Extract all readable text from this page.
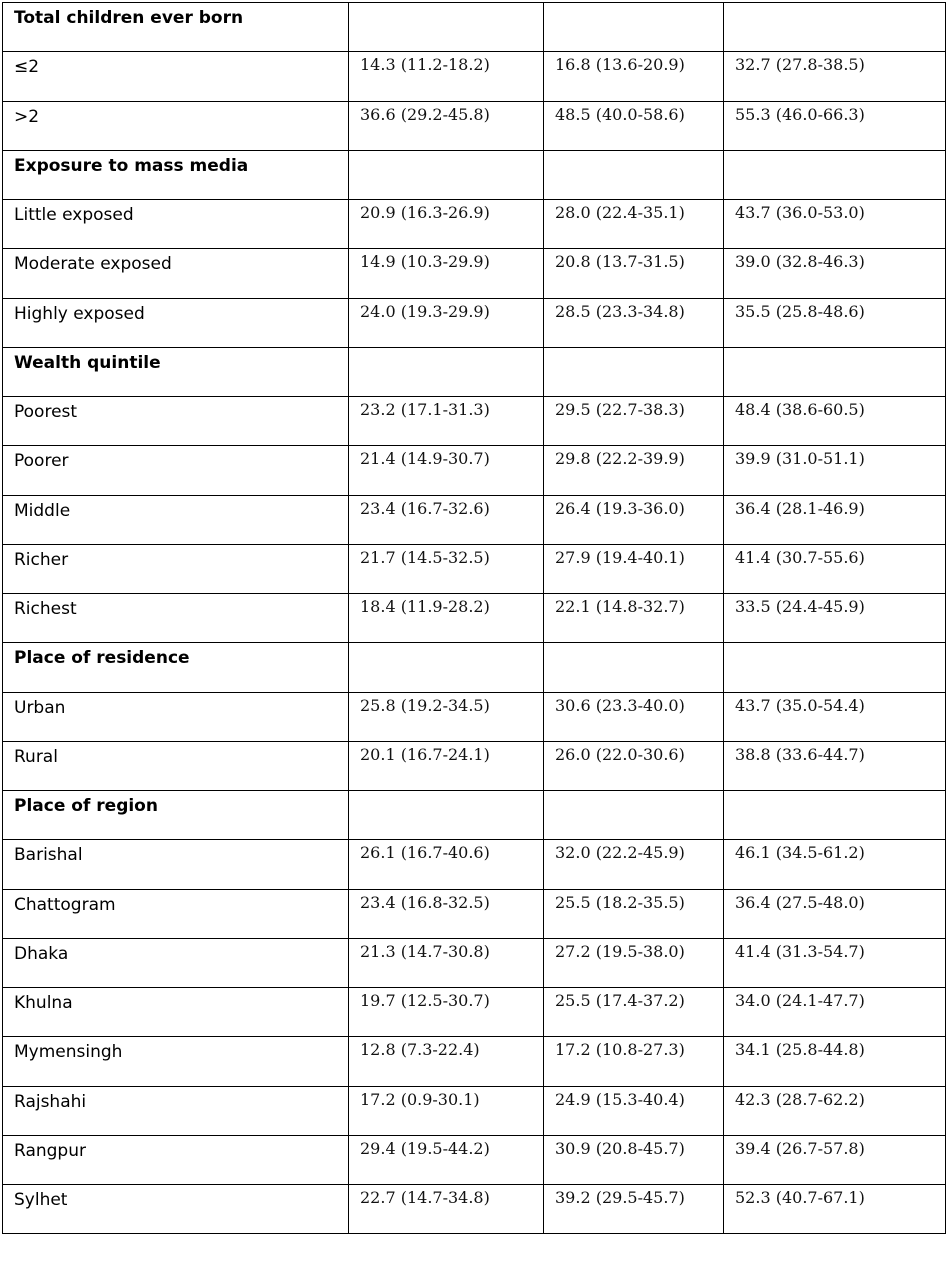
Total children ever born			
≤2	14.3 (11.2-18.2)	16.8 (13.6-20.9)	32.7 (27.8-38.5)
>2	36.6 (29.2-45.8)	48.5 (40.0-58.6)	55.3 (46.0-66.3)
Exposure to mass media			
Little exposed	20.9 (16.3-26.9)	28.0 (22.4-35.1)	43.7 (36.0-53.0)
Moderate exposed	14.9 (10.3-29.9)	20.8 (13.7-31.5)	39.0 (32.8-46.3)
Highly exposed	24.0 (19.3-29.9)	28.5 (23.3-34.8)	35.5 (25.8-48.6)
Wealth quintile			
Poorest	23.2 (17.1-31.3)	29.5 (22.7-38.3)	48.4 (38.6-60.5)
Poorer	21.4 (14.9-30.7)	29.8 (22.2-39.9)	39.9 (31.0-51.1)
Middle	23.4 (16.7-32.6)	26.4 (19.3-36.0)	36.4 (28.1-46.9)
Richer	21.7 (14.5-32.5)	27.9 (19.4-40.1)	41.4 (30.7-55.6)
Richest	18.4 (11.9-28.2)	22.1 (14.8-32.7)	33.5 (24.4-45.9)
Place of residence			
Urban	25.8 (19.2-34.5)	30.6 (23.3-40.0)	43.7 (35.0-54.4)
Rural	20.1 (16.7-24.1)	26.0 (22.0-30.6)	38.8 (33.6-44.7)
Place of region			
Barishal	26.1 (16.7-40.6)	32.0 (22.2-45.9)	46.1 (34.5-61.2)
Chattogram	23.4 (16.8-32.5)	25.5 (18.2-35.5)	36.4 (27.5-48.0)
Dhaka	21.3 (14.7-30.8)	27.2 (19.5-38.0)	41.4 (31.3-54.7)
Khulna	19.7 (12.5-30.7)	25.5 (17.4-37.2)	34.0 (24.1-47.7)
Mymensingh	12.8 (7.3-22.4)	17.2 (10.8-27.3)	34.1 (25.8-44.8)
Rajshahi	17.2 (0.9-30.1)	24.9 (15.3-40.4)	42.3 (28.7-62.2)
Rangpur	29.4 (19.5-44.2)	30.9 (20.8-45.7)	39.4 (26.7-57.8)
Sylhet	22.7 (14.7-34.8)	39.2 (29.5-45.7)	52.3 (40.7-67.1)
